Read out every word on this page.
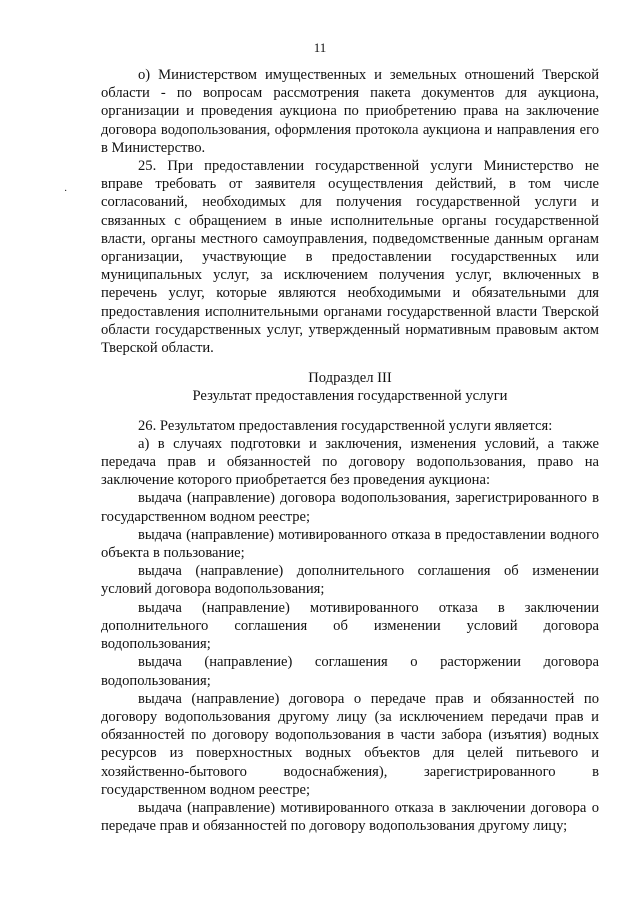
11
·

о) Министерством имущественных и земельных отношений Тверской области - по вопросам рассмотрения пакета документов для аукциона, организации и проведения аукциона по приобретению права на заключение договора водопользования, оформления протокола аукциона и направления его в Министерство.

25. При предоставлении государственной услуги Министерство не вправе требовать от заявителя осуществления действий, в том числе согласований, необходимых для получения государственной услуги и связанных с обращением в иные исполнительные органы государственной власти, органы местного самоуправления, подведомственные данным органам организации, участвующие в предоставлении государственных или муниципальных услуг, за исключением получения услуг, включенных в перечень услуг, которые являются необходимыми и обязательными для предоставления исполнительными органами государственной власти Тверской области государственных услуг, утвержденный нормативным правовым актом Тверской области.

Подраздел III

Результат предоставления государственной услуги

26. Результатом предоставления государственной услуги является:

а) в случаях подготовки и заключения, изменения условий, а также передача прав и обязанностей по договору водопользования, право на заключение которого приобретается без проведения аукциона:

выдача (направление) договора водопользования, зарегистрированного в государственном водном реестре;

выдача (направление) мотивированного отказа в предоставлении водного объекта в пользование;

выдача (направление) дополнительного соглашения об изменении условий договора водопользования;

выдача (направление) мотивированного отказа в заключении дополнительного соглашения об изменении условий договора водопользования;

выдача (направление) соглашения о расторжении договора водопользования;

выдача (направление) договора о передаче прав и обязанностей по договору водопользования другому лицу (за исключением передачи прав и обязанностей по договору водопользования в части забора (изъятия) водных ресурсов из поверхностных водных объектов для целей питьевого и хозяйственно-бытового водоснабжения), зарегистрированного в государственном водном реестре;

выдача (направление) мотивированного отказа в заключении договора о передаче прав и обязанностей по договору водопользования другому лицу;
